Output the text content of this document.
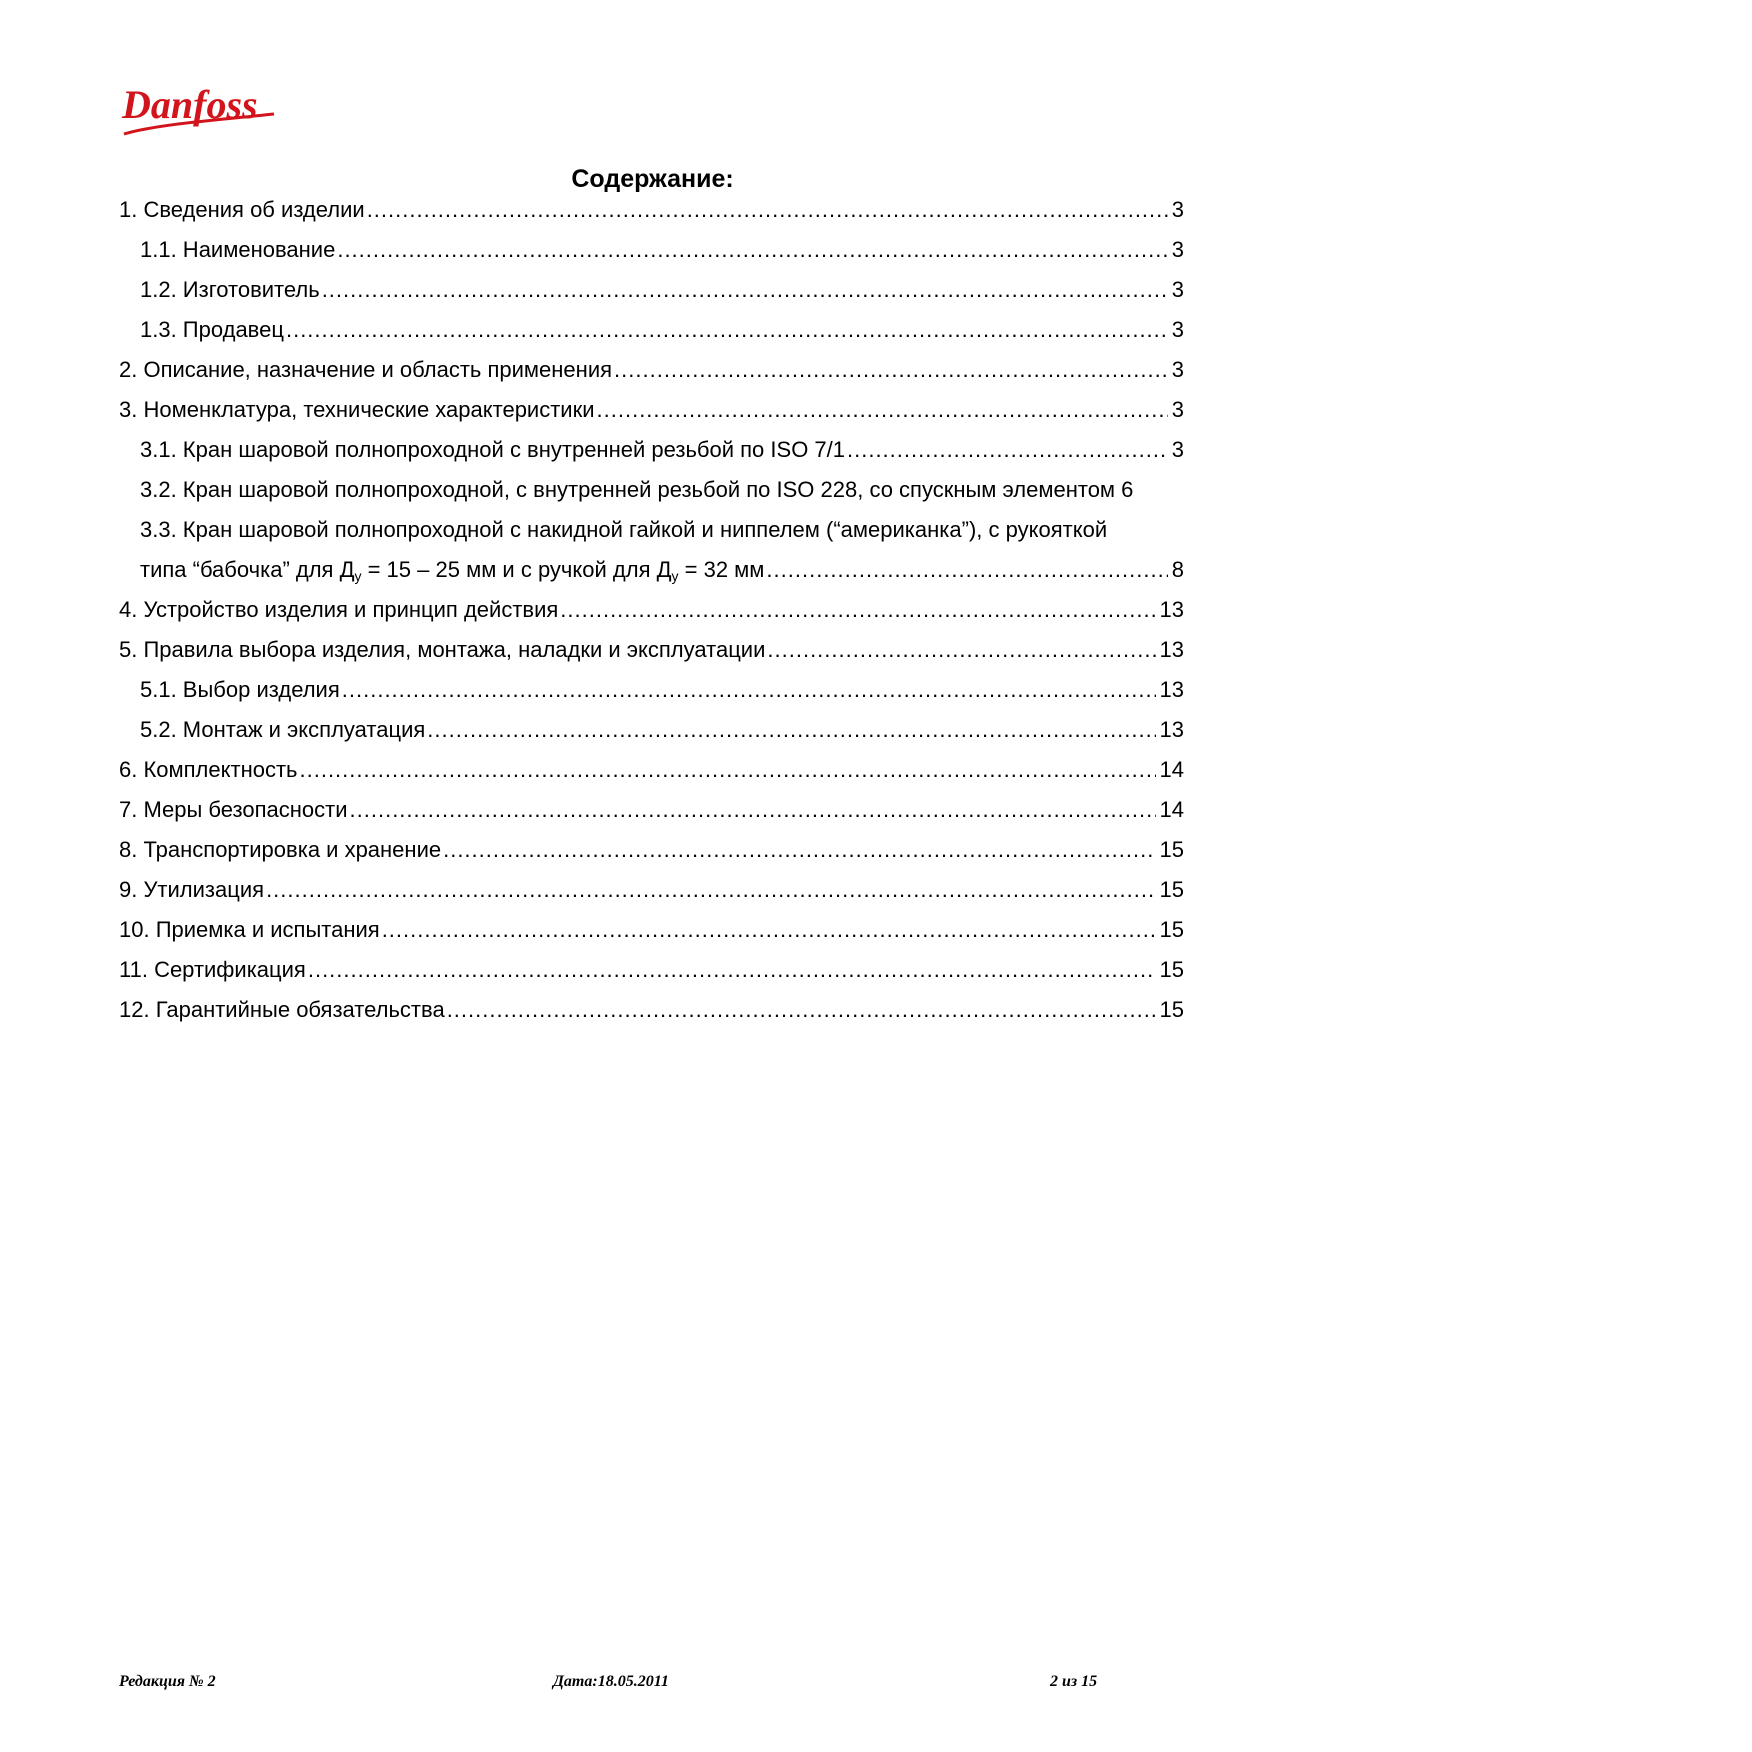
Danfoss
Содержание:
1. Сведения об изделии .....	3
1.1. Наименование .....	3
1.2. Изготовитель .....	3
1.3. Продавец .....	3
2. Описание, назначение и область применения .....	3
3. Номенклатура, технические характеристики .....	3
3.1. Кран шаровой полнопроходной с внутренней резьбой по ISO 7/1 .....	3
3.2. Кран шаровой полнопроходной, с внутренней резьбой по ISO 228, со спускным элементом 6
3.3. Кран шаровой полнопроходной с накидной гайкой и ниппелем (“американка”), с рукояткой
типа “бабочка” для Ду = 15 – 25 мм и с ручкой для Ду = 32 мм .....	8
4. Устройство изделия и принцип действия .....	13
5. Правила выбора изделия, монтажа, наладки и эксплуатации .....	13
5.1. Выбор изделия .....	13
5.2. Монтаж и эксплуатация .....	13
6. Комплектность .....	14
7. Меры безопасности .....	14
8. Транспортировка и хранение .....	15
9. Утилизация .....	15
10. Приемка и испытания .....	15
11. Сертификация .....	15
12. Гарантийные обязательства .....	15
Редакция № 2	Дата:18.05.2011	2 из 15
